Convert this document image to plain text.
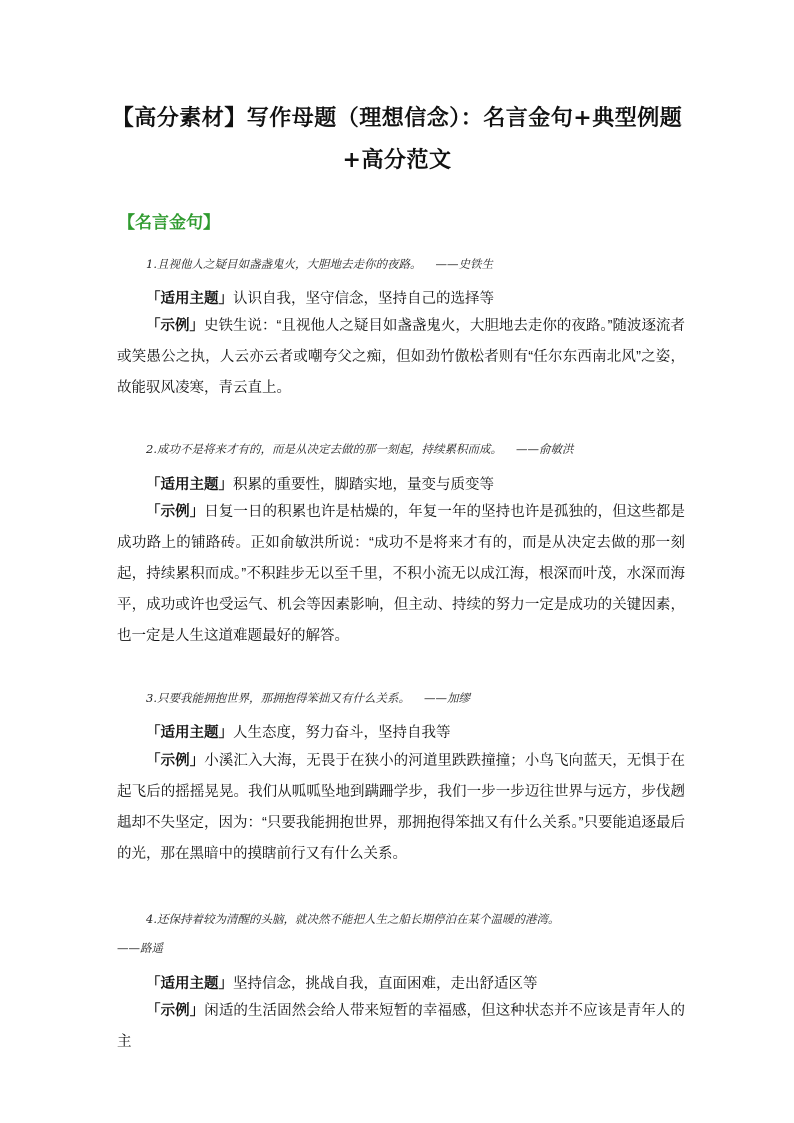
【高分素材】写作母题（理想信念）：名言金句+典型例题+高分范文
【名言金句】
1.且视他人之疑目如盏盏鬼火，大胆地去走你的夜路。 ——史铁生
「适用主题」认识自我，坚守信念，坚持自己的选择等
「示例」史铁生说：“且视他人之疑目如盏盏鬼火，大胆地去走你的夜路。”随波逐流者或笑愚公之执，人云亦云者或嘲夸父之痴，但如劲竹傲松者则有“任尔东西南北风”之姿，故能驭风凌寒，青云直上。
2.成功不是将来才有的，而是从决定去做的那一刻起，持续累积而成。 ——俞敏洪
「适用主题」积累的重要性，脚踏实地，量变与质变等
「示例」日复一日的积累也许是枯燥的，年复一年的坚持也许是孤独的，但这些都是成功路上的铺路砖。正如俞敏洪所说：“成功不是将来才有的，而是从决定去做的那一刻起，持续累积而成。”不积跬步无以至千里，不积小流无以成江海，根深而叶茂，水深而海平，成功或许也受运气、机会等因素影响，但主动、持续的努力一定是成功的关键因素，也一定是人生这道难题最好的解答。
3.只要我能拥抱世界，那拥抱得笨拙又有什么关系。 ——加缪
「适用主题」人生态度，努力奋斗，坚持自我等
「示例」小溪汇入大海，无畏于在狭小的河道里跌跌撞撞；小鸟飞向蓝天，无惧于在起飞后的摇摇晃晃。我们从呱呱坠地到蹒跚学步，我们一步一步迈往世界与远方，步伐趔趄却不失坚定，因为：“只要我能拥抱世界，那拥抱得笨拙又有什么关系。”只要能追逐最后的光，那在黑暗中的摸瞎前行又有什么关系。
4.还保持着较为清醒的头脑，就决然不能把人生之船长期停泊在某个温暖的港湾。
——路遥
「适用主题」坚持信念，挑战自我，直面困难，走出舒适区等
「示例」闲适的生活固然会给人带来短暂的幸福感，但这种状态并不应该是青年人的主
